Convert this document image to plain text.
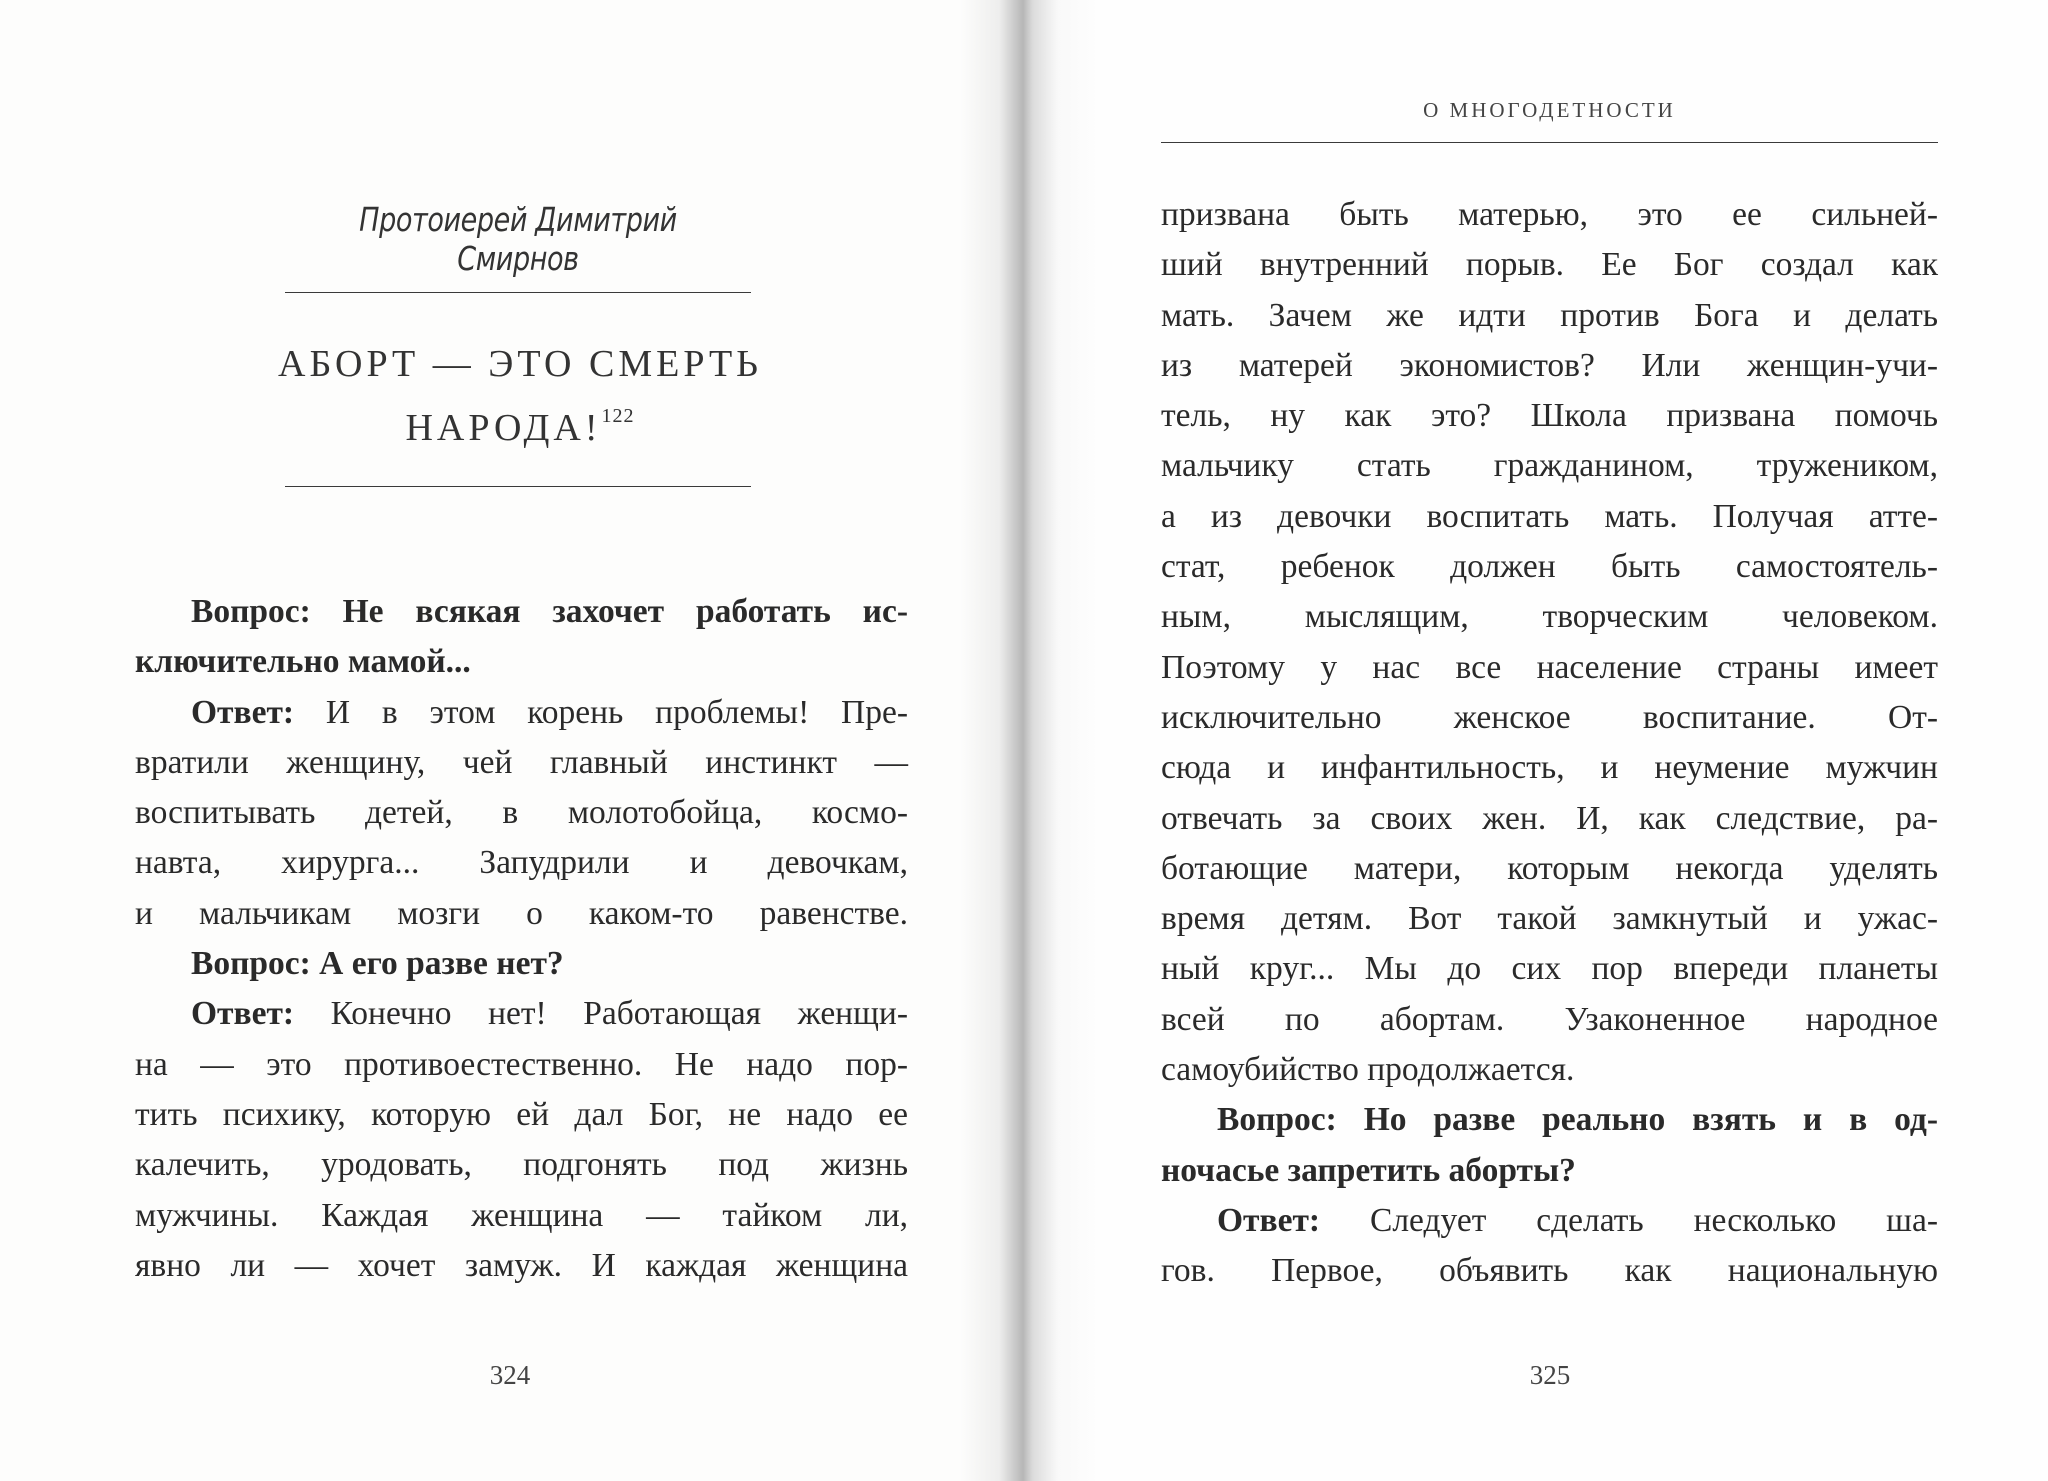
Протоиерей Димитрий Смирнов
АБОРТ — ЭТО СМЕРТЬ
НАРОДА!$^{122}$
Вопрос: Не всякая захочет работать ис-
ключительно мамой...
Ответ: И в этом корень проблемы! Пре-
вратили женщину, чей главный инстинкт —
воспитывать детей, в молотобойца, космо-
навта, хирурга... Запудрили и девочкам,
и мальчикам мозги о каком-то равенстве.
Вопрос: А его разве нет?
Ответ: Конечно нет! Работающая женщи-
на — это противоестественно. Не надо пор-
тить психику, которую ей дал Бог, не надо ее
калечить, уродовать, подгонять под жизнь
мужчины. Каждая женщина — тайком ли,
явно ли — хочет замуж. И каждая женщина
324
О МНОГОДЕТНОСТИ
призвана быть матерью, это ее сильней-
ший внутренний порыв. Ее Бог создал как
мать. Зачем же идти против Бога и делать
из матерей экономистов? Или женщин-учи-
тель, ну как это? Школа призвана помочь
мальчику стать гражданином, тружеником,
а из девочки воспитать мать. Получая атте-
стат, ребенок должен быть самостоятель-
ным, мыслящим, творческим человеком.
Поэтому у нас все население страны имеет
исключительно женское воспитание. От-
сюда и инфантильность, и неумение мужчин
отвечать за своих жен. И, как следствие, ра-
ботающие матери, которым некогда уделять
время детям. Вот такой замкнутый и ужас-
ный круг... Мы до сих пор впереди планеты
всей по абортам. Узаконенное народное
самоубийство продолжается.
Вопрос: Но разве реально взять и в од-
ночасье запретить аборты?
Ответ: Следует сделать несколько ша-
гов. Первое, объявить как национальную
325
